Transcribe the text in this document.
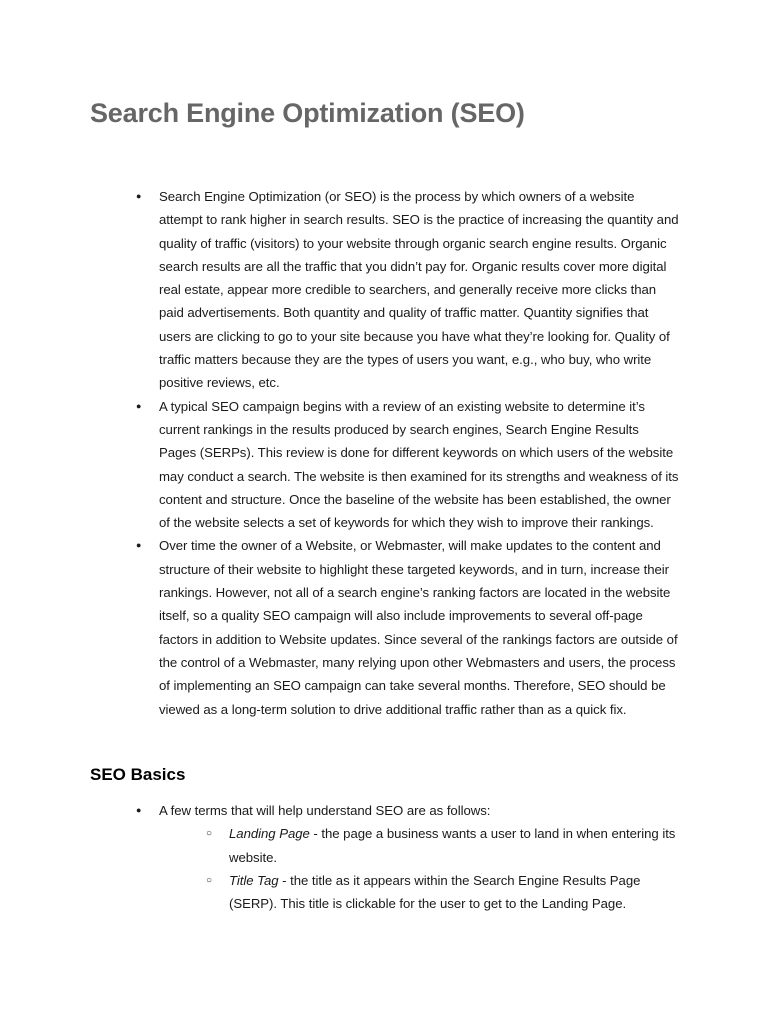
Search Engine Optimization (SEO)
● Search Engine Optimization (or SEO) is the process by which owners of a website attempt to rank higher in search results. SEO is the practice of increasing the quantity and quality of traffic (visitors) to your website through organic search engine results. Organic search results are all the traffic that you didn’t pay for. Organic results cover more digital real estate, appear more credible to searchers, and generally receive more clicks than paid advertisements. Both quantity and quality of traffic matter. Quantity signifies that users are clicking to go to your site because you have what they’re looking for. Quality of traffic matters because they are the types of users you want, e.g., who buy, who write positive reviews, etc.
● A typical SEO campaign begins with a review of an existing website to determine it’s current rankings in the results produced by search engines, Search Engine Results Pages (SERPs). This review is done for different keywords on which users of the website may conduct a search. The website is then examined for its strengths and weakness of its content and structure. Once the baseline of the website has been established, the owner of the website selects a set of keywords for which they wish to improve their rankings.
● Over time the owner of a Website, or Webmaster, will make updates to the content and structure of their website to highlight these targeted keywords, and in turn, increase their rankings. However, not all of a search engine’s ranking factors are located in the website itself, so a quality SEO campaign will also include improvements to several off-page factors in addition to Website updates. Since several of the rankings factors are outside of the control of a Webmaster, many relying upon other Webmasters and users, the process of implementing an SEO campaign can take several months. Therefore, SEO should be viewed as a long-term solution to drive additional traffic rather than as a quick fix.
SEO Basics
● A few terms that will help understand SEO are as follows:
○ Landing Page - the page a business wants a user to land in when entering its website.
○ Title Tag - the title as it appears within the Search Engine Results Page (SERP). This title is clickable for the user to get to the Landing Page.
